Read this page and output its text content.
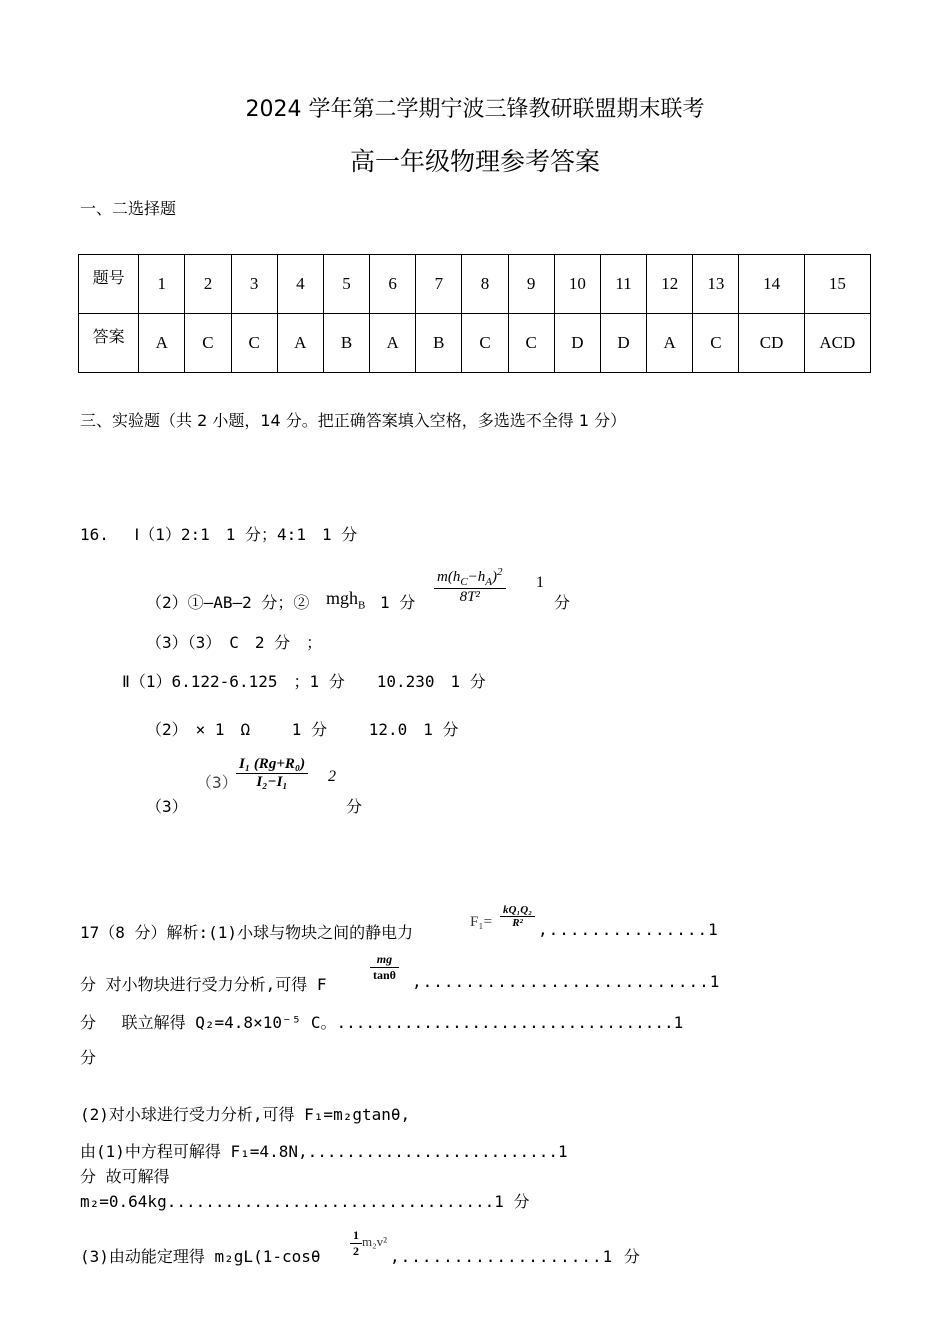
2024 学年第二学期宁波三锋教研联盟期末联考
高一年级物理参考答案
一、二选择题
题号	1	2	3	4	5	6	7	8	9	10	11	12	13	14	15
答案	A	C	C	A	B	A	B	C	C	D	D	A	C	CD	ACD
三、实验题（共 2 小题，14 分。把正确答案填入空格，多选选不全得 1 分）
16.　 Ⅰ（1）2:1　1 分；4:1　1 分
（2）①—AB—2 分；② mgh$_B$ 1 分 $\frac{m(h_C-h_A)^2}{\text{8T²}} 1$
分
（3）（3）　C　2 分　；
Ⅱ（1）6.122-6.125　；1 分　　10.230　1 分
（2）　× 1　Ω　　 1 分　　 12.0　1 分
（3）
（3）
$\frac{\text{I₁ (Rg+R₀)}}{\text{I₂−I₁}} 2$
分
17（8 分）解析:(1)小球与物块之间的静电力
$F_1= \frac{\text{kQ₁Q₂}}{\text{R²}}$
,...............1
分 对小物块进行受力分析,可得 F
$\frac{mg}{\tan\theta} ,...........................1$
分　 联立解得 Q₂=4.8×10⁻⁵ C。...................................1
分
(2)对小球进行受力分析,可得 F₁=m₂gtanθ,
由(1)中方程可解得 F₁=4.8N,..........................1
分 故可解得
m₂=0.64kg..................................1 分
(3)由动能定理得 $m_2gL(1-\cos\theta \frac{1}{2} m_2v^2$
,...................1 分
